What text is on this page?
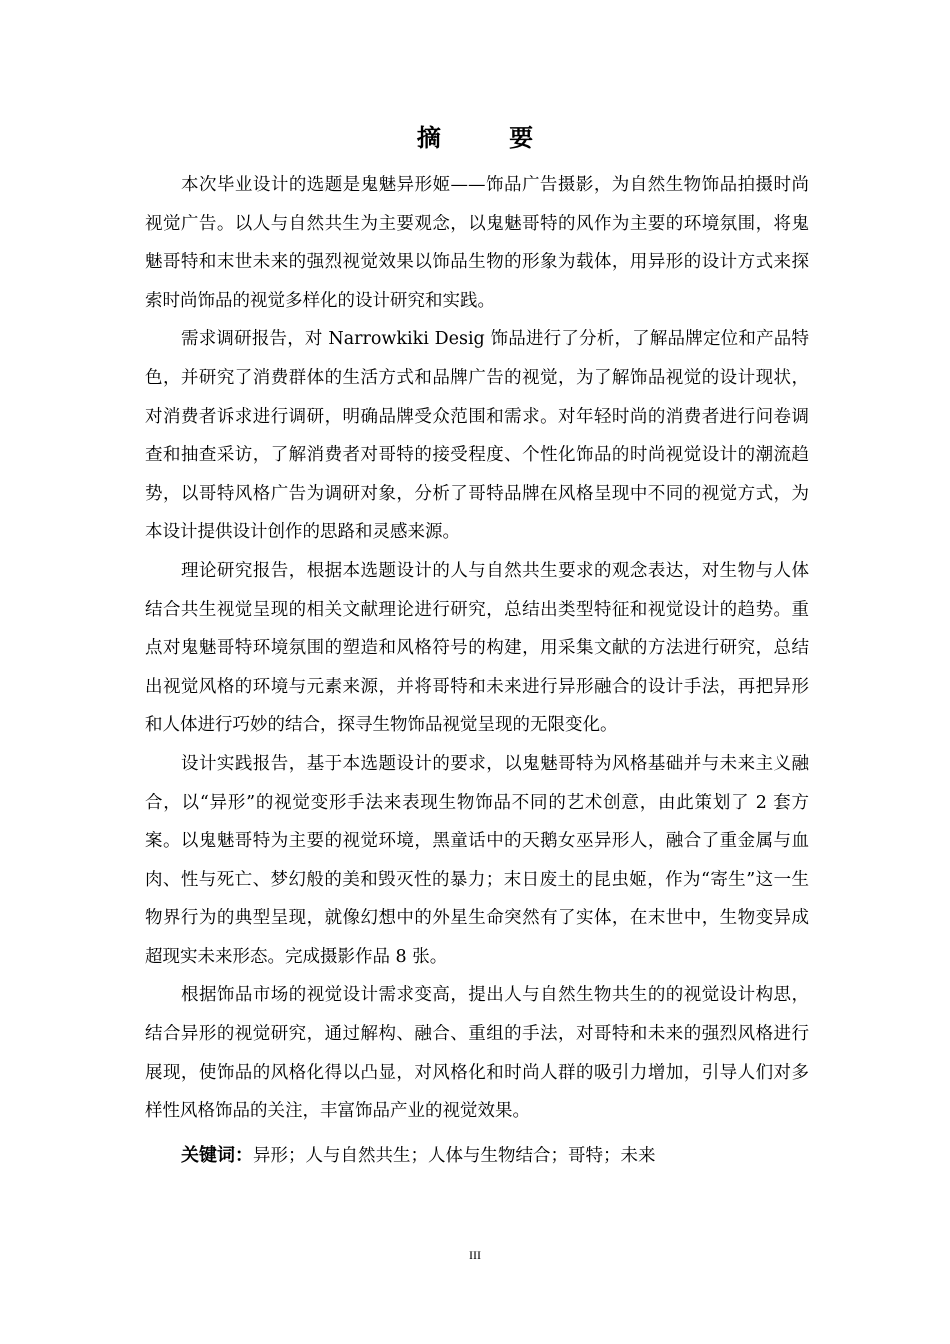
摘 要

本次毕业设计的选题是鬼魅异形姬——饰品广告摄影，为自然生物饰品拍摄时尚视觉广告。以人与自然共生为主要观念，以鬼魅哥特的风作为主要的环境氛围，将鬼魅哥特和末世未来的强烈视觉效果以饰品生物的形象为载体，用异形的设计方式来探索时尚饰品的视觉多样化的设计研究和实践。

需求调研报告，对 Narrowkiki Desig 饰品进行了分析，了解品牌定位和产品特色，并研究了消费群体的生活方式和品牌广告的视觉，为了解饰品视觉的设计现状，对消费者诉求进行调研，明确品牌受众范围和需求。对年轻时尚的消费者进行问卷调查和抽查采访，了解消费者对哥特的接受程度、个性化饰品的时尚视觉设计的潮流趋势，以哥特风格广告为调研对象，分析了哥特品牌在风格呈现中不同的视觉方式，为本设计提供设计创作的思路和灵感来源。

理论研究报告，根据本选题设计的人与自然共生要求的观念表达，对生物与人体结合共生视觉呈现的相关文献理论进行研究，总结出类型特征和视觉设计的趋势。重点对鬼魅哥特环境氛围的塑造和风格符号的构建，用采集文献的方法进行研究，总结出视觉风格的环境与元素来源，并将哥特和未来进行异形融合的设计手法，再把异形和人体进行巧妙的结合，探寻生物饰品视觉呈现的无限变化。

设计实践报告，基于本选题设计的要求，以鬼魅哥特为风格基础并与未来主义融合，以“异形”的视觉变形手法来表现生物饰品不同的艺术创意，由此策划了 2 套方案。以鬼魅哥特为主要的视觉环境，黑童话中的天鹅女巫异形人，融合了重金属与血肉、性与死亡、梦幻般的美和毁灭性的暴力；末日废土的昆虫姬，作为“寄生”这一生物界行为的典型呈现，就像幻想中的外星生命突然有了实体，在末世中，生物变异成超现实未来形态。完成摄影作品 8 张。

根据饰品市场的视觉设计需求变高，提出人与自然生物共生的的视觉设计构思，结合异形的视觉研究，通过解构、融合、重组的手法，对哥特和未来的强烈风格进行展现，使饰品的风格化得以凸显，对风格化和时尚人群的吸引力增加，引导人们对多样性风格饰品的关注，丰富饰品产业的视觉效果。

关键词：异形；人与自然共生；人体与生物结合；哥特；未来

III
